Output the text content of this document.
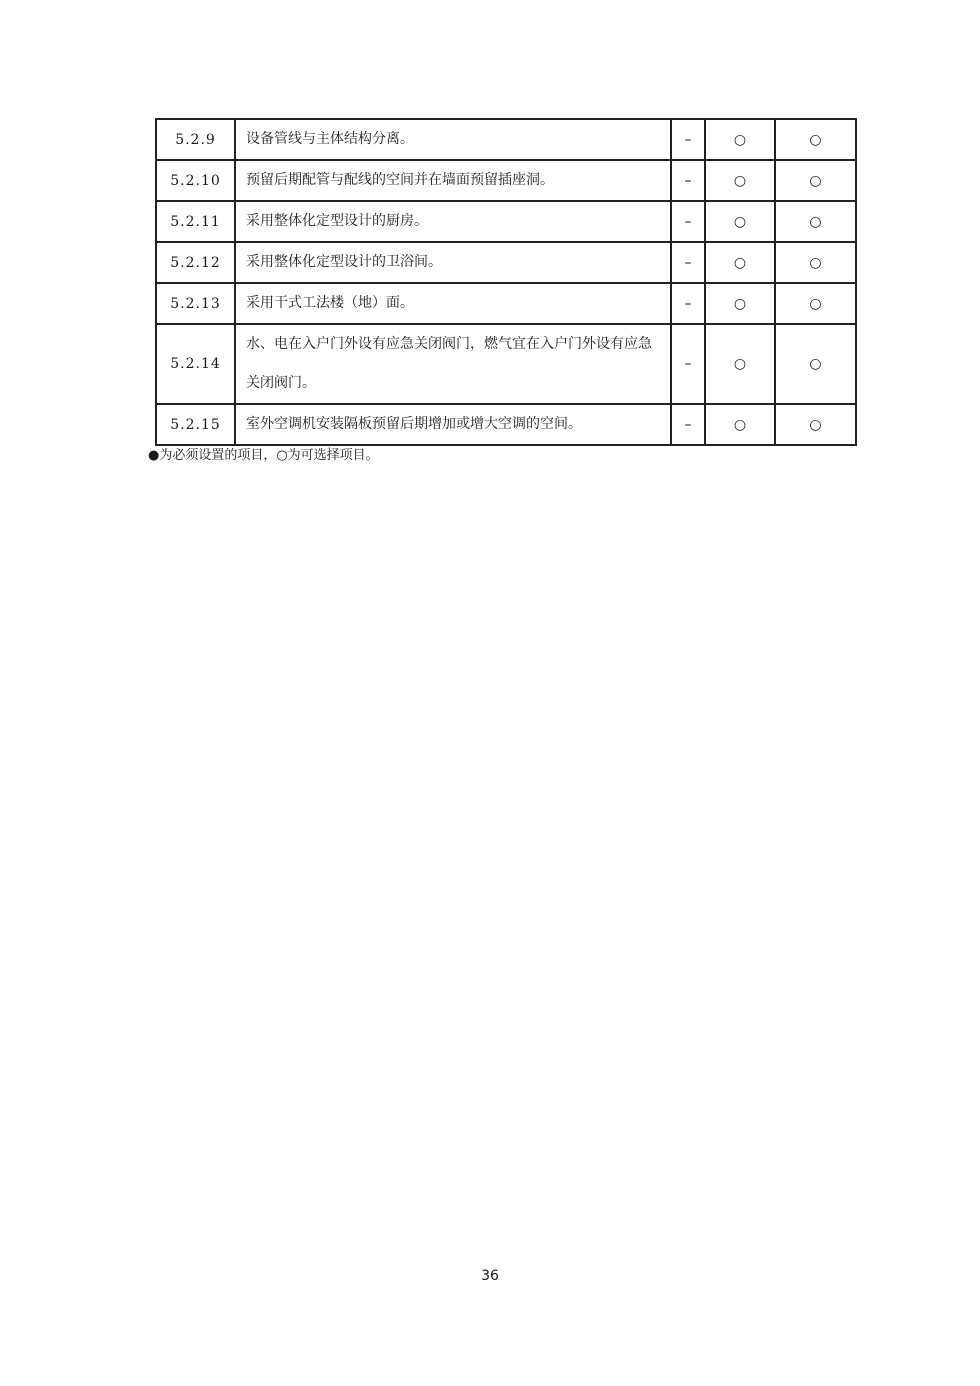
5.2.9	设备管线与主体结构分离。	–	○	○
5.2.10	预留后期配管与配线的空间并在墙面预留插座洞。	–	○	○
5.2.11	采用整体化定型设计的厨房。	–	○	○
5.2.12	采用整体化定型设计的卫浴间。	–	○	○
5.2.13	采用干式工法楼（地）面。	–	○	○
5.2.14	水、电在入户门外设有应急关闭阀门，燃气宜在入户门外设有应急关闭阀门。	–	○	○
5.2.15	室外空调机安装隔板预留后期增加或增大空调的空间。	–	○	○
●为必须设置的项目，○为可选择项目。
36
